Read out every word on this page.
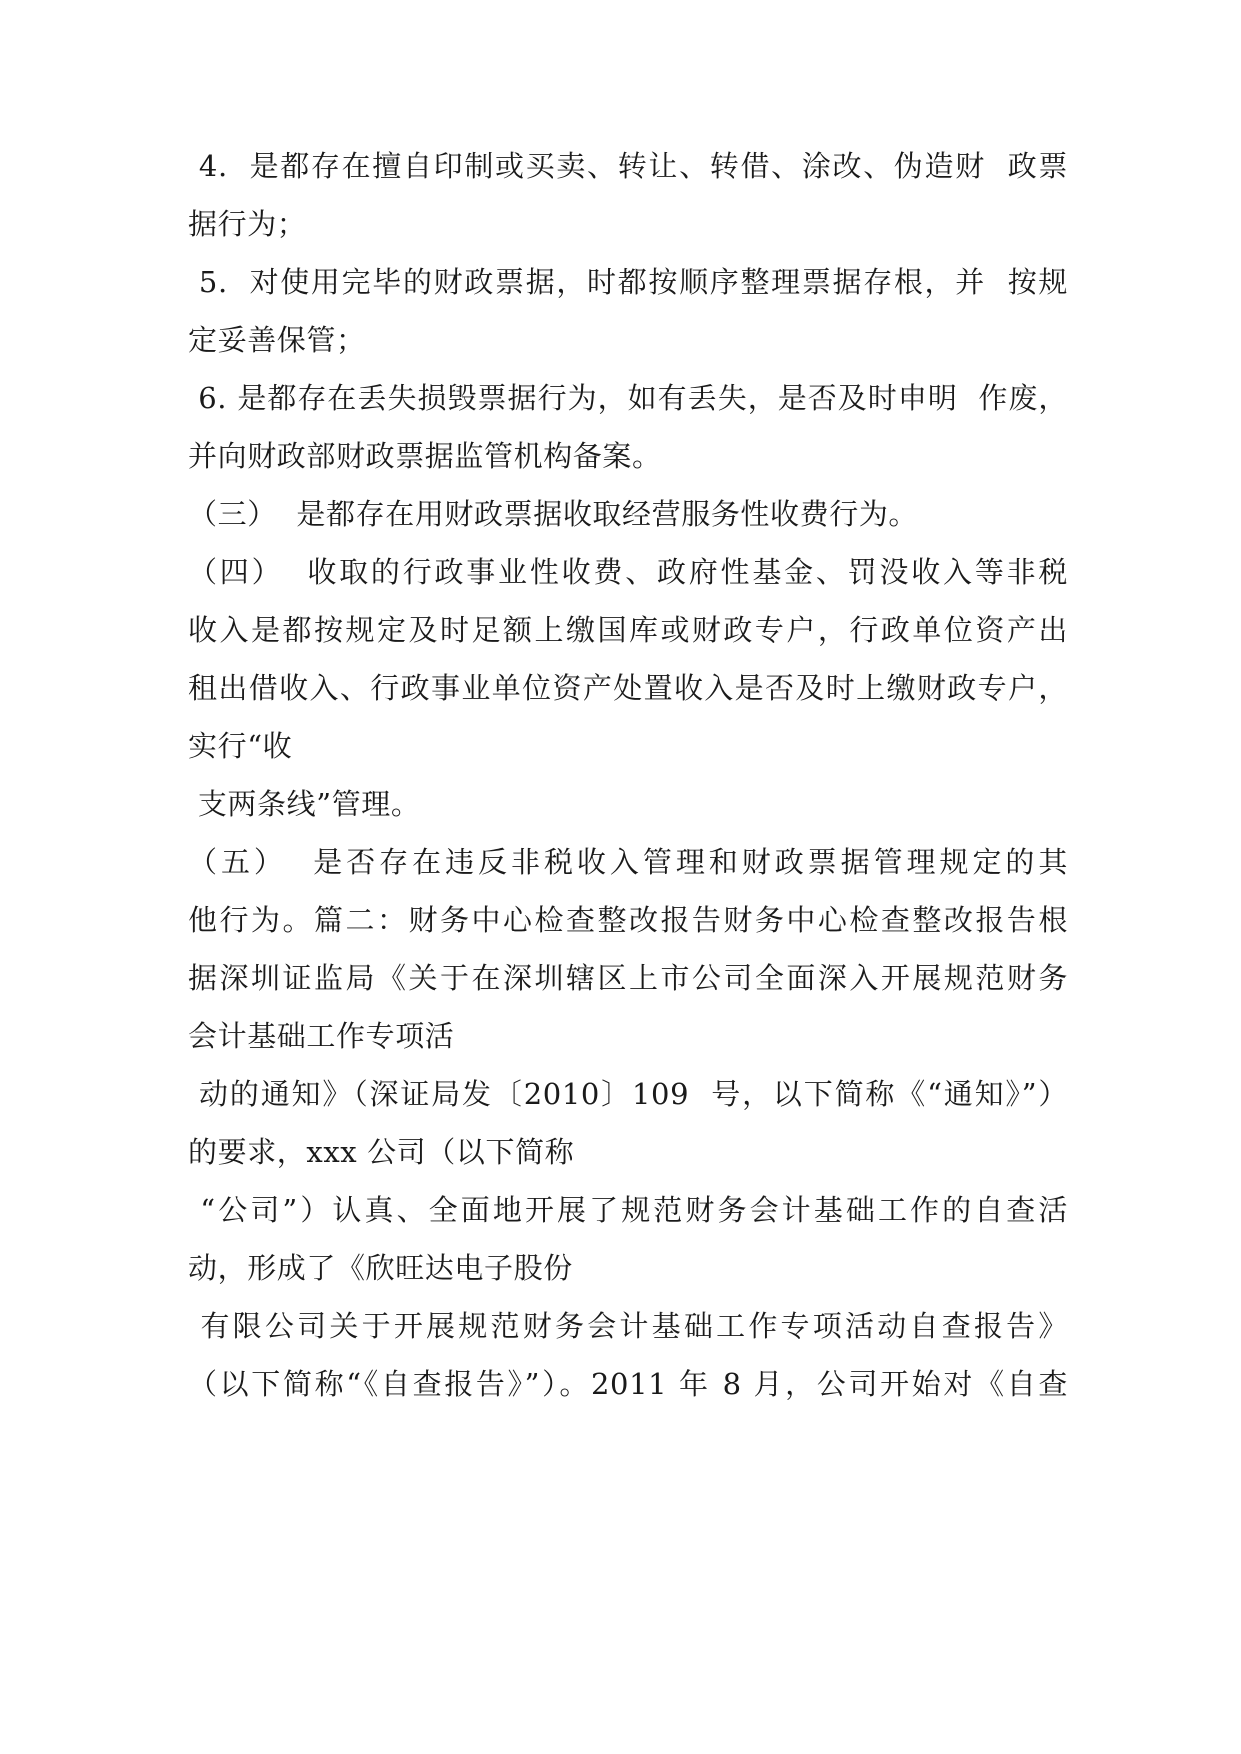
4.  是都存在擅自印制或买卖、转让、转借、涂改、伪造财  政票
据行为；
5.  对使用完毕的财政票据，时都按顺序整理票据存根，并  按规
定妥善保管；
6. 是都存在丢失损毁票据行为，如有丢失，是否及时申明  作废，
并向财政部财政票据监管机构备案。
（三）  是都存在用财政票据收取经营服务性收费行为。
（四）  收取的行政事业性收费、政府性基金、罚没收入等非税
收入是都按规定及时足额上缴国库或财政专户，行政单位资产出
租出借收入、行政事业单位资产处置收入是否及时上缴财政专户，
实行“收
支两条线”管理。
（五）  是否存在违反非税收入管理和财政票据管理规定的其
他行为。篇二：财务中心检查整改报告财务中心检查整改报告根
据深圳证监局《关于在深圳辖区上市公司全面深入开展规范财务
会计基础工作专项活
动的通知》（深证局发〔2010〕109  号，以下简称《“通知》”）
的要求，xxx 公司（以下简称
“公司”）认真、全面地开展了规范财务会计基础工作的自查活
动，形成了《欣旺达电子股份
有限公司关于开展规范财务会计基础工作专项活动自查报告》
（以下简称“《自查报告》”）。2011 年 8 月，公司开始对《自查
